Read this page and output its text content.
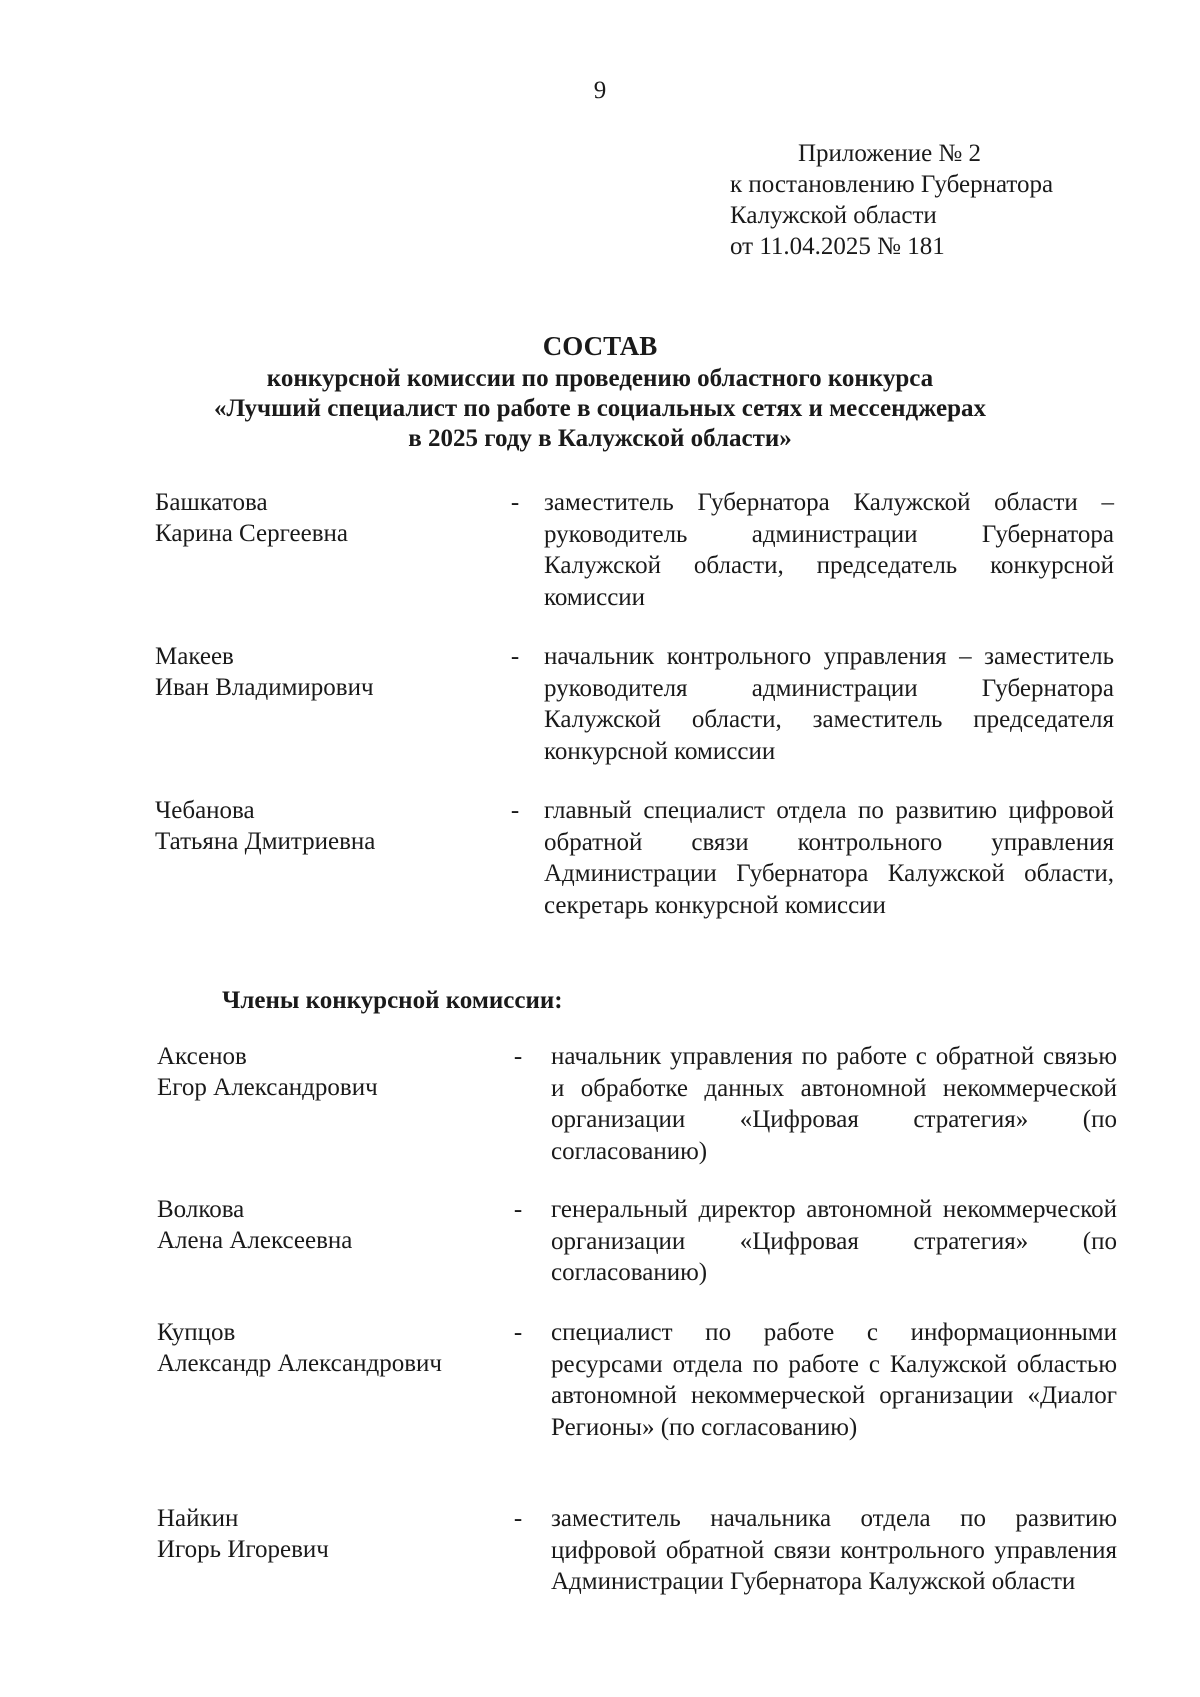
9
Приложение № 2
к постановлению Губернатора
Калужской области
от 11.04.2025 № 181
СОСТАВ
конкурсной комиссии по проведению областного конкурса
«Лучший специалист по работе в социальных сетях и мессенджерах
в 2025 году в Калужской области»
Башкатова
Карина Сергеевна
- заместитель Губернатора Калужской области – руководитель администрации Губернатора Калужской области, председатель конкурсной комиссии
Макеев
Иван Владимирович
- начальник контрольного управления – заместитель руководителя администрации Губернатора Калужской области, заместитель председателя конкурсной комиссии
Чебанова
Татьяна Дмитриевна
- главный специалист отдела по развитию цифровой обратной связи контрольного управления Администрации Губернатора Калужской области, секретарь конкурсной комиссии
Члены конкурсной комиссии:
Аксенов
Егор Александрович
- начальник управления по работе с обратной связью и обработке данных автономной некоммерческой организации «Цифровая стратегия» (по согласованию)
Волкова
Алена Алексеевна
- генеральный директор автономной некоммерческой организации «Цифровая стратегия» (по согласованию)
Купцов
Александр Александрович
- специалист по работе с информационными ресурсами отдела по работе с Калужской областью автономной некоммерческой организации «Диалог Регионы» (по согласованию)
Найкин
Игорь Игоревич
- заместитель начальника отдела по развитию цифровой обратной связи контрольного управления Администрации Губернатора Калужской области
